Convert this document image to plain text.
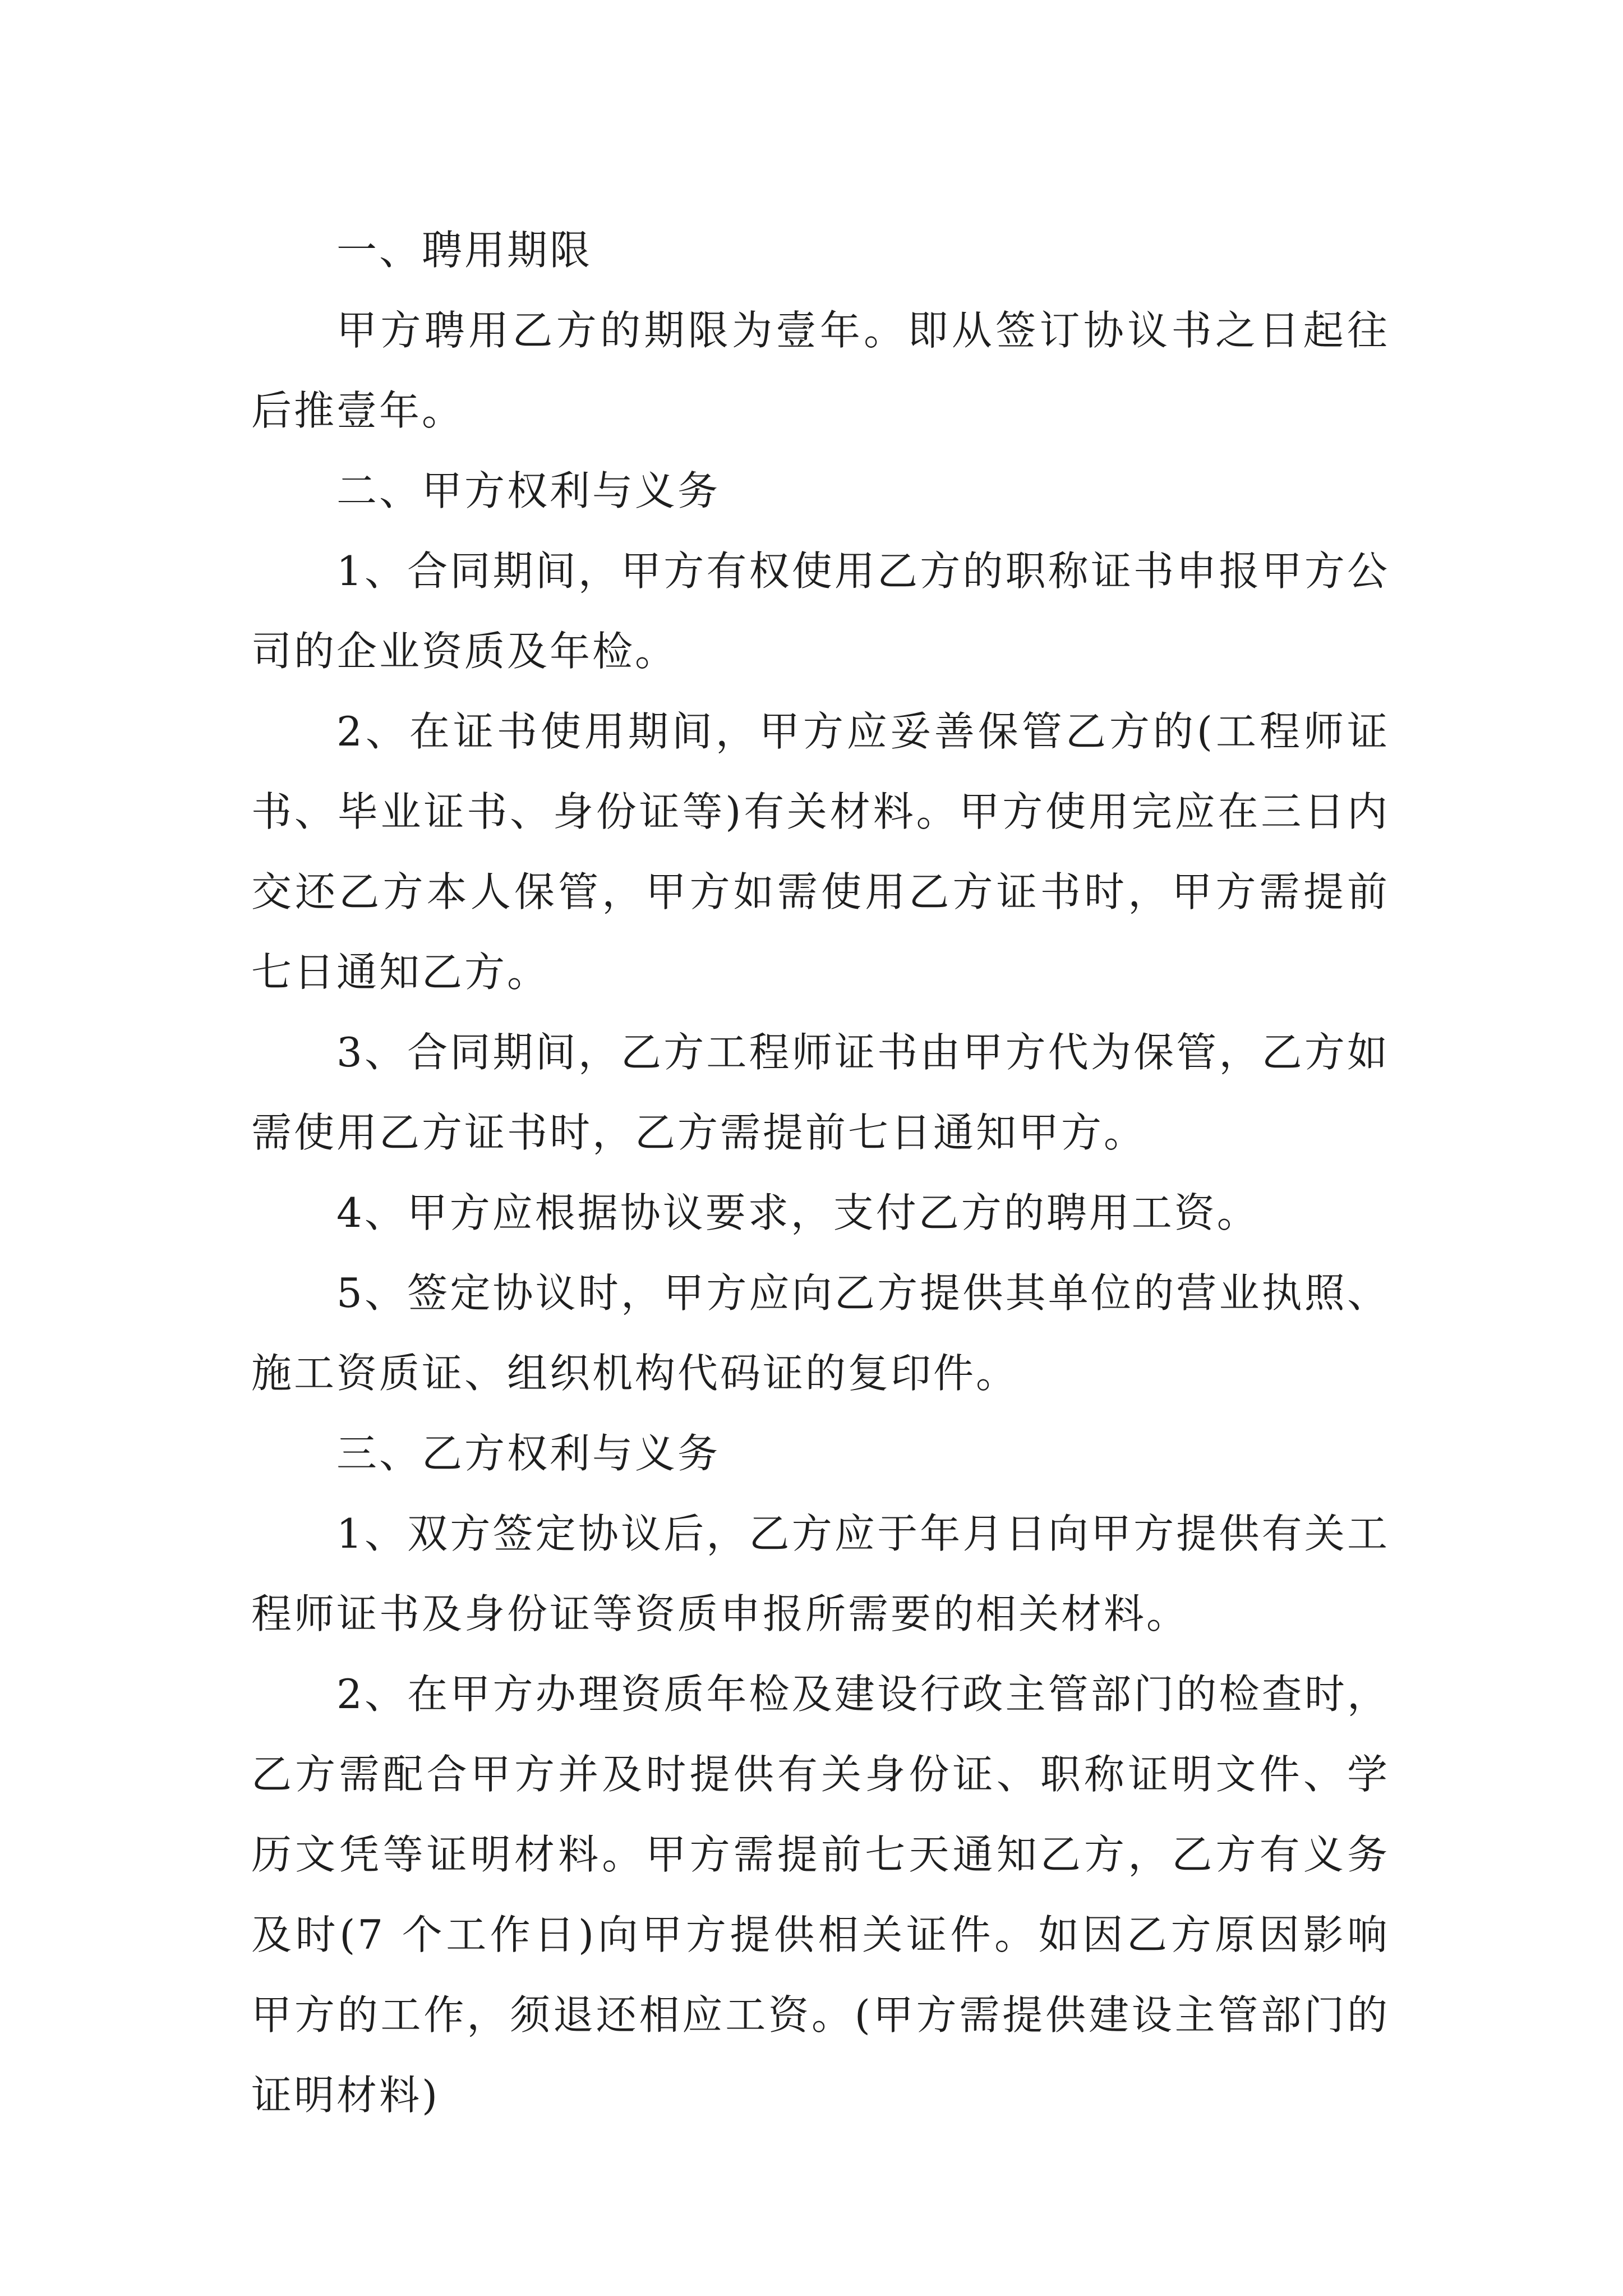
一、聘用期限

甲方聘用乙方的期限为壹年。即从签订协议书之日起往后推壹年。

二、甲方权利与义务

1、合同期间，甲方有权使用乙方的职称证书申报甲方公司的企业资质及年检。

2、在证书使用期间，甲方应妥善保管乙方的(工程师证书、毕业证书、身份证等)有关材料。甲方使用完应在三日内交还乙方本人保管，甲方如需使用乙方证书时，甲方需提前七日通知乙方。

3、合同期间，乙方工程师证书由甲方代为保管，乙方如需使用乙方证书时，乙方需提前七日通知甲方。

4、甲方应根据协议要求，支付乙方的聘用工资。

5、签定协议时，甲方应向乙方提供其单位的营业执照、施工资质证、组织机构代码证的复印件。

三、乙方权利与义务

1、双方签定协议后，乙方应于年月日向甲方提供有关工程师证书及身份证等资质申报所需要的相关材料。

2、在甲方办理资质年检及建设行政主管部门的检查时，乙方需配合甲方并及时提供有关身份证、职称证明文件、学历文凭等证明材料。甲方需提前七天通知乙方，乙方有义务及时(7 个工作日)向甲方提供相关证件。如因乙方原因影响甲方的工作，须退还相应工资。(甲方需提供建设主管部门的证明材料)
